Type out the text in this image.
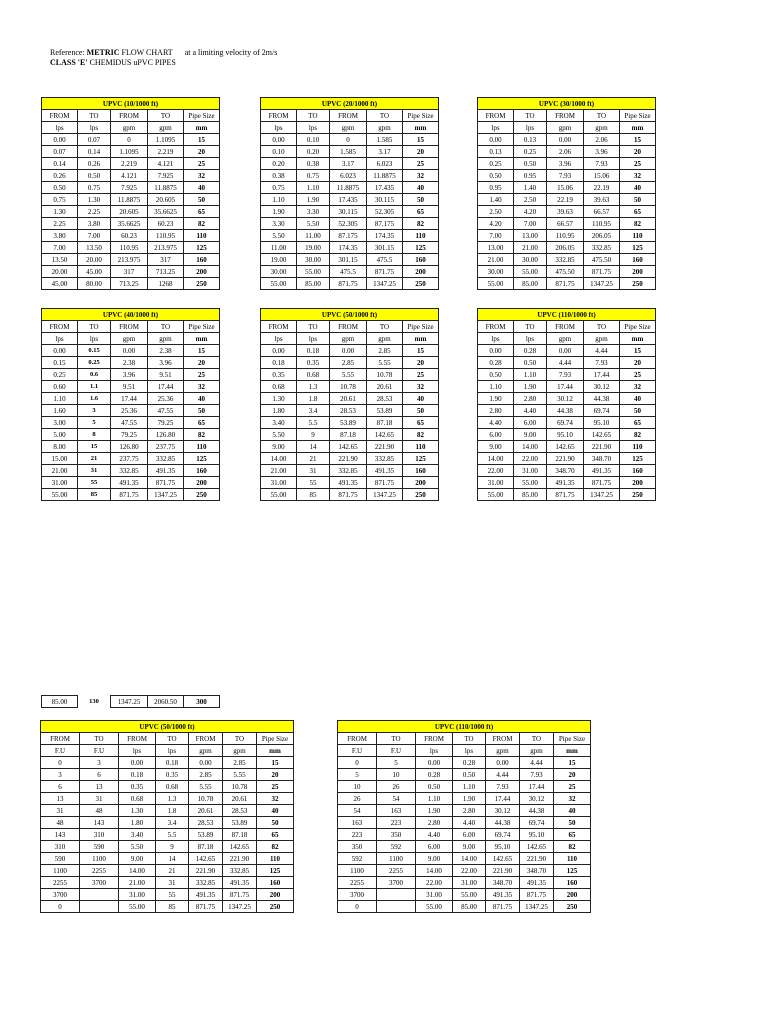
Reference: METRIC FLOW CHART at a limiting velocity of 2m/s
CLASS 'E' CHEMIDUS uPVC PIPES
UPVC (10/1000 ft)				
FROM	TO	FROM	TO	Pipe Size
lps	lps	gpm	gpm	mm
0.00	0.07	0	1.1095	15
0.07	0.14	1.1095	2.219	20
0.14	0.26	2.219	4.121	25
0.26	0.50	4.121	7.925	32
0.50	0.75	7.925	11.8875	40
0.75	1.30	11.8875	20.605	50
1.30	2.25	20.605	35.6625	65
2.25	3.80	35.6625	60.23	82
3.80	7.00	60.23	110.95	110
7.00	13.50	110.95	213.975	125
13.50	20.00	213.975	317	160
20.00	45.00	317	713.25	200
45.00	80.00	713.25	1268	250
UPVC (20/1000 ft)				
FROM	TO	FROM	TO	Pipe Size
lps	lps	gpm	gpm	mm
0.00	0.10	0	1.585	15
0.10	0.20	1.585	3.17	20
0.20	0.38	3.17	6.023	25
0.38	0.75	6.023	11.8875	32
0.75	1.10	11.8875	17.435	40
1.10	1.90	17.435	30.115	50
1.90	3.30	30.115	52.305	65
3.30	5.50	52.305	87.175	82
5.50	11.00	87.175	174.35	110
11.00	19.00	174.35	301.15	125
19.00	30.00	301.15	475.5	160
30.00	55.00	475.5	871.75	200
55.00	85.00	871.75	1347.25	250
UPVC (30/1000 ft)				
FROM	TO	FROM	TO	Pipe Size
lps	lps	gpm	gpm	mm
0.00	0.13	0.00	2.06	15
0.13	0.25	2.06	3.96	20
0.25	0.50	3.96	7.93	25
0.50	0.95	7.93	15.06	32
0.95	1.40	15.06	22.19	40
1.40	2.50	22.19	39.63	50
2.50	4.20	39.63	66.57	65
4.20	7.00	66.57	110.95	82
7.00	13.00	110.95	206.05	110
13.00	21.00	206.05	332.85	125
21.00	30.00	332.85	475.50	160
30.00	55.00	475.50	871.75	200
55.00	85.00	871.75	1347.25	250
UPVC (40/1000 ft)				
FROM	TO	FROM	TO	Pipe Size
lps	lps	gpm	gpm	mm
0.00	0.15	0.00	2.38	15
0.15	0.25	2.38	3.96	20
0.25	0.6	3.96	9.51	25
0.60	1.1	9.51	17.44	32
1.10	1.6	17.44	25.36	40
1.60	3	25.36	47.55	50
3.00	5	47.55	79.25	65
5.00	8	79.25	126.80	82
8.00	15	126.80	237.75	110
15.00	21	237.75	332.85	125
21.00	31	332.85	491.35	160
31.00	55	491.35	871.75	200
55.00	85	871.75	1347.25	250
UPVC (50/1000 ft)				
FROM	TO	FROM	TO	Pipe Size
lps	lps	gpm	gpm	mm
0.00	0.18	0.00	2.85	15
0.18	0.35	2.85	5.55	20
0.35	0.68	5.55	10.78	25
0.68	1.3	10.78	20.61	32
1.30	1.8	20.61	28.53	40
1.80	3.4	28.53	53.89	50
3.40	5.5	53.89	87.18	65
5.50	9	87.18	142.65	82
9.00	14	142.65	221.90	110
14.00	21	221.90	332.85	125
21.00	31	332.85	491.35	160
31.00	55	491.35	871.75	200
55.00	85	871.75	1347.25	250
UPVC (110/1000 ft)				
FROM	TO	FROM	TO	Pipe Size
lps	lps	gpm	gpm	mm
0.00	0.28	0.00	4.44	15
0.28	0.50	4.44	7.93	20
0.50	1.10	7.93	17.44	25
1.10	1.90	17.44	30.12	32
1.90	2.80	30.12	44.38	40
2.80	4.40	44.38	69.74	50
4.40	6.00	69.74	95.10	65
6.00	9.00	95.10	142.65	82
9.00	14.00	142.65	221.90	110
14.00	22.00	221.90	348.70	125
22.00	31.00	348.70	491.35	160
31.00	55.00	491.35	871.75	200
55.00	85.00	871.75	1347.25	250
85.00	130	1347.25	2060.50	300
UPVC (50/1000 ft)						
FROM	TO	FROM	TO	FROM	TO	Pipe Size
F.U	F.U	lps	lps	gpm	gpm	mm
0	3	0.00	0.18	0.00	2.85	15
3	6	0.18	0.35	2.85	5.55	20
6	13	0.35	0.68	5.55	10.78	25
13	31	0.68	1.3	10.78	20.61	32
31	48	1.30	1.8	20.61	28.53	40
48	143	1.80	3.4	28.53	53.89	50
143	310	3.40	5.5	53.89	87.18	65
310	590	5.50	9	87.18	142.65	82
590	1100	9.00	14	142.65	221.90	110
1100	2255	14.00	21	221.90	332.85	125
2255	3700	21.00	31	332.85	491.35	160
3700		31.00	55	491.35	871.75	200
0		55.00	85	871.75	1347.25	250
UPVC (110/1000 ft)						
FROM	TO	FROM	TO	FROM	TO	Pipe Size
F.U	F.U	lps	lps	gpm	gpm	mm
0	5	0.00	0.28	0.00	4.44	15
5	10	0.28	0.50	4.44	7.93	20
10	26	0.50	1.10	7.93	17.44	25
26	54	1.10	1.90	17.44	30.12	32
54	163	1.90	2.80	30.12	44.38	40
163	223	2.80	4.40	44.38	69.74	50
223	350	4.40	6.00	69.74	95.10	65
350	592	6.00	9.00	95.10	142.65	82
592	1100	9.00	14.00	142.65	221.90	110
1100	2255	14.00	22.00	221.90	348.70	125
2255	3700	22.00	31.00	348.70	491.35	160
3700		31.00	55.00	491.35	871.75	200
0		55.00	85.00	871.75	1347.25	250
